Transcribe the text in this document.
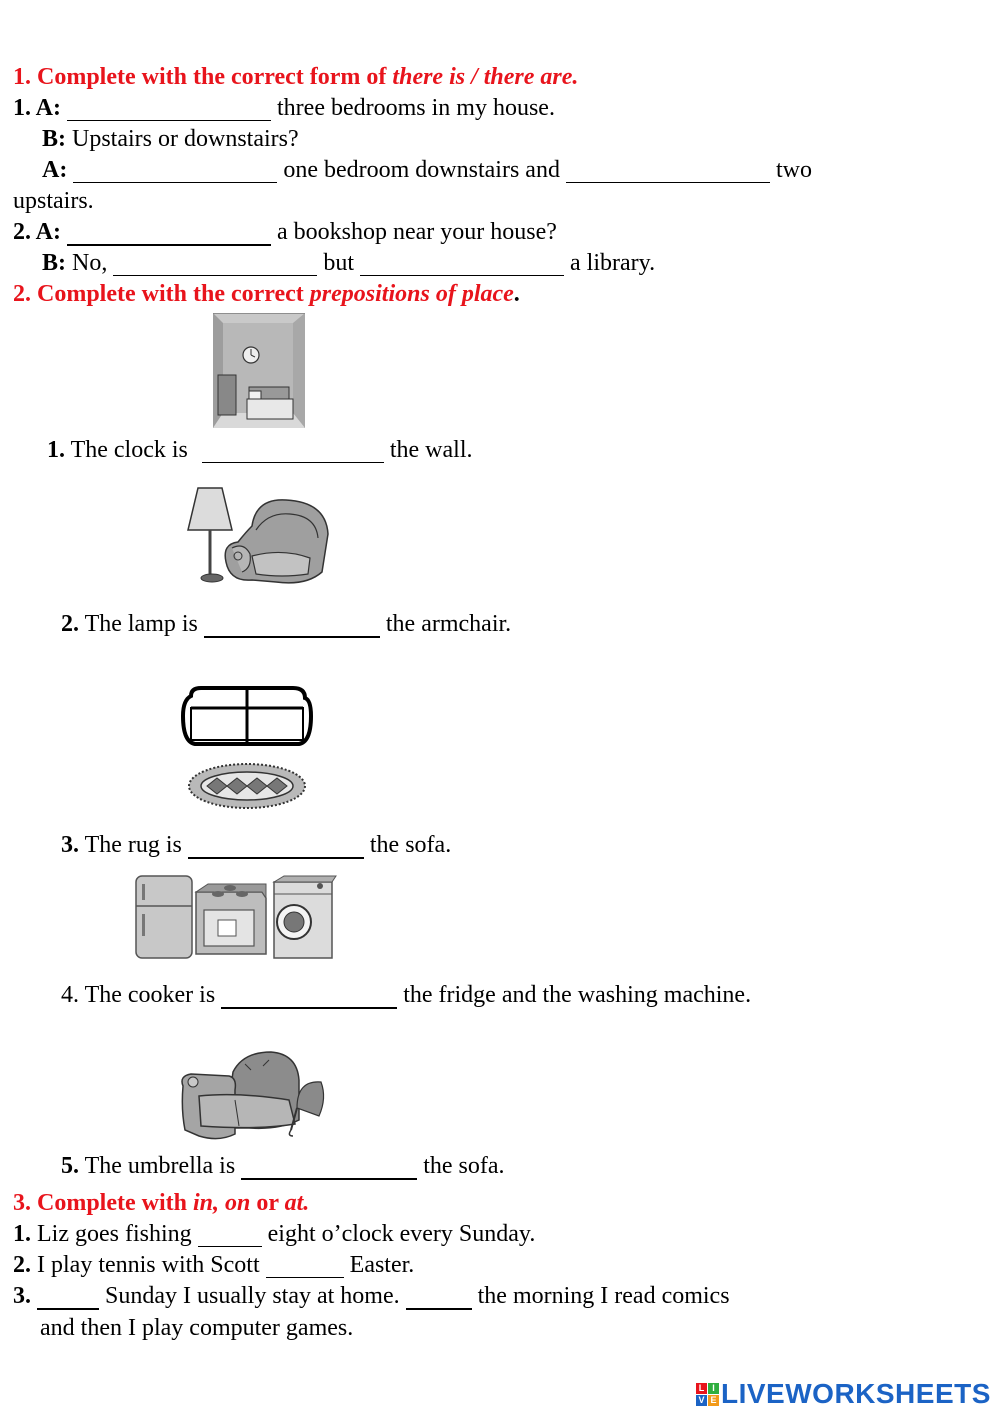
1. Complete with the correct form of there is / there are.
1. A:	three bedrooms in my house.
B: Upstairs or downstairs?
A:	one bedroom downstairs and	two
upstairs.
2. A:	a bookshop near your house?
B: No,	but	a library.
2. Complete with the correct prepositions of place.
1. The clock is	the wall.
2. The lamp is	the armchair.
3. The rug is	the sofa.
4. The cooker is	the fridge and the washing machine.
5. The umbrella is	the sofa.
3. Complete with in, on or at.
1. Liz goes fishing	eight o’clock every Sunday.
2. I play tennis with Scott	Easter.
3.	Sunday I usually stay at home.	the morning I read comics
and then I play computer games.
L I
V E LIVEWORKSHEETS
